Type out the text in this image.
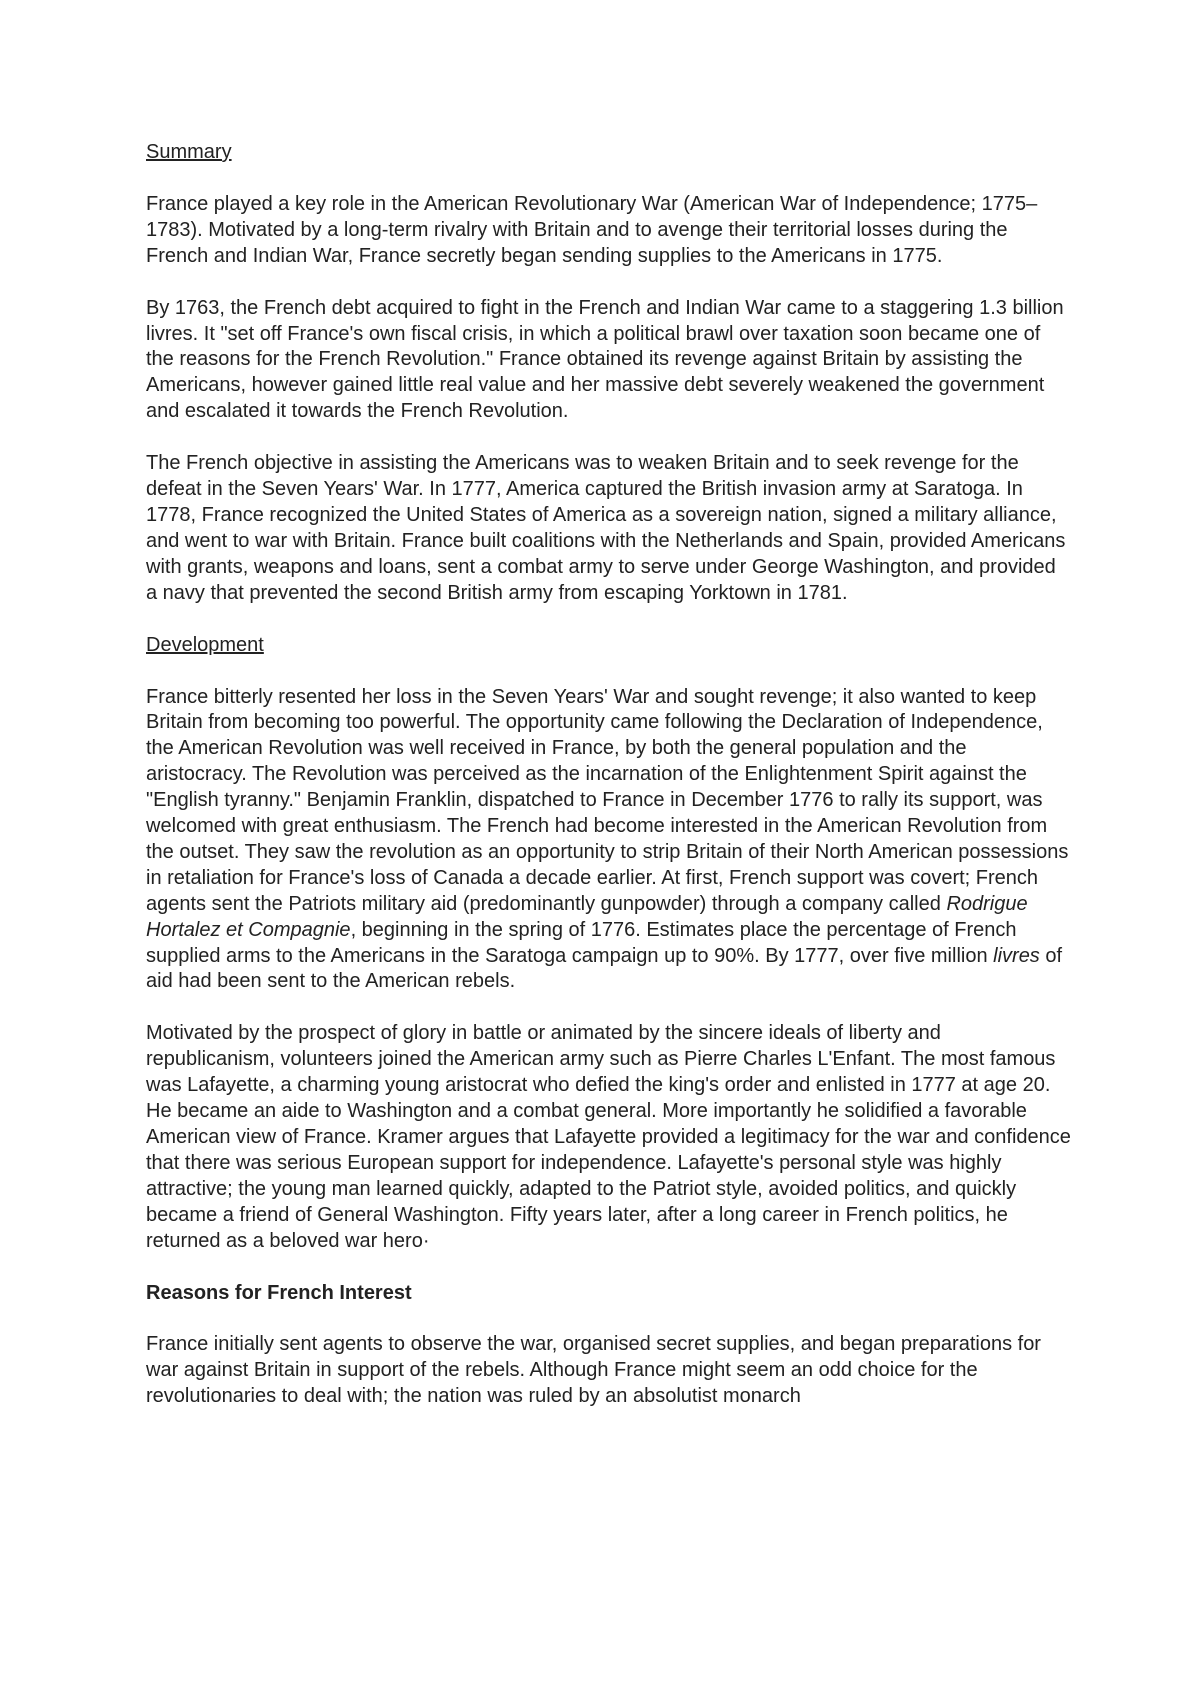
Summary

France played a key role in the American Revolutionary War (American War of Independence; 1775–1783). Motivated by a long-term rivalry with Britain and to avenge their territorial losses during the French and Indian War, France secretly began sending supplies to the Americans in 1775.

By 1763, the French debt acquired to fight in the French and Indian War came to a staggering 1.3 billion livres. It "set off France's own fiscal crisis, in which a political brawl over taxation soon became one of the reasons for the French Revolution." France obtained its revenge against Britain by assisting the Americans, however gained little real value and her massive debt severely weakened the government and escalated it towards the French Revolution.

The French objective in assisting the Americans was to weaken Britain and to seek revenge for the defeat in the Seven Years' War. In 1777, America captured the British invasion army at Saratoga. In 1778, France recognized the United States of America as a sovereign nation, signed a military alliance, and went to war with Britain. France built coalitions with the Netherlands and Spain, provided Americans with grants, weapons and loans, sent a combat army to serve under George Washington, and provided a navy that prevented the second British army from escaping Yorktown in 1781.

Development

France bitterly resented her loss in the Seven Years' War and sought revenge; it also wanted to keep Britain from becoming too powerful. The opportunity came following the Declaration of Independence, the American Revolution was well received in France, by both the general population and the aristocracy. The Revolution was perceived as the incarnation of the Enlightenment Spirit against the "English tyranny." Benjamin Franklin, dispatched to France in December 1776 to rally its support, was welcomed with great enthusiasm. The French had become interested in the American Revolution from the outset. They saw the revolution as an opportunity to strip Britain of their North American possessions in retaliation for France's loss of Canada a decade earlier. At first, French support was covert; French agents sent the Patriots military aid (predominantly gunpowder) through a company called Rodrigue Hortalez et Compagnie, beginning in the spring of 1776. Estimates place the percentage of French supplied arms to the Americans in the Saratoga campaign up to 90%. By 1777, over five million livres of aid had been sent to the American rebels.

Motivated by the prospect of glory in battle or animated by the sincere ideals of liberty and republicanism, volunteers joined the American army such as Pierre Charles L'Enfant. The most famous was Lafayette, a charming young aristocrat who defied the king's order and enlisted in 1777 at age 20. He became an aide to Washington and a combat general. More importantly he solidified a favorable American view of France. Kramer argues that Lafayette provided a legitimacy for the war and confidence that there was serious European support for independence. Lafayette's personal style was highly attractive; the young man learned quickly, adapted to the Patriot style, avoided politics, and quickly became a friend of General Washington. Fifty years later, after a long career in French politics, he returned as a beloved war hero·

Reasons for French Interest

France initially sent agents to observe the war, organised secret supplies, and began preparations for war against Britain in support of the rebels. Although France might seem an odd choice for the revolutionaries to deal with; the nation was ruled by an absolutist monarch
